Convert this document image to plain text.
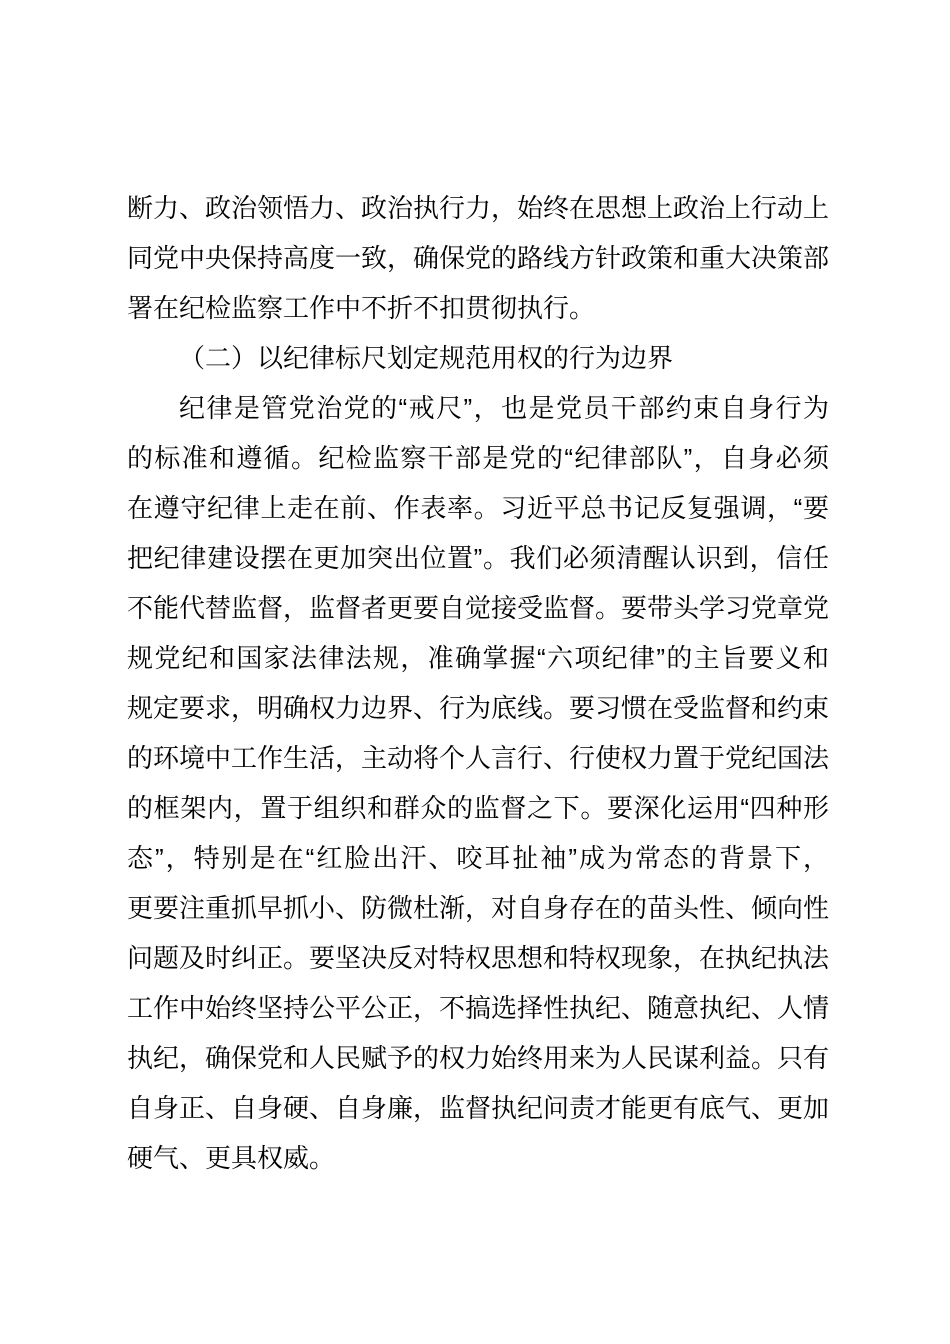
断力、政治领悟力、政治执行力，始终在思想上政治上行动上
同党中央保持高度一致，确保党的路线方针政策和重大决策部
署在纪检监察工作中不折不扣贯彻执行。
（二）以纪律标尺划定规范用权的行为边界
纪律是管党治党的“戒尺”，也是党员干部约束自身行为
的标准和遵循。纪检监察干部是党的“纪律部队”，自身必须
在遵守纪律上走在前、作表率。习近平总书记反复强调，“要
把纪律建设摆在更加突出位置”。我们必须清醒认识到，信任
不能代替监督，监督者更要自觉接受监督。要带头学习党章党
规党纪和国家法律法规，准确掌握“六项纪律”的主旨要义和
规定要求，明确权力边界、行为底线。要习惯在受监督和约束
的环境中工作生活，主动将个人言行、行使权力置于党纪国法
的框架内，置于组织和群众的监督之下。要深化运用“四种形
态”，特别是在“红脸出汗、咬耳扯袖”成为常态的背景下，
更要注重抓早抓小、防微杜渐，对自身存在的苗头性、倾向性
问题及时纠正。要坚决反对特权思想和特权现象，在执纪执法
工作中始终坚持公平公正，不搞选择性执纪、随意执纪、人情
执纪，确保党和人民赋予的权力始终用来为人民谋利益。只有
自身正、自身硬、自身廉，监督执纪问责才能更有底气、更加
硬气、更具权威。
